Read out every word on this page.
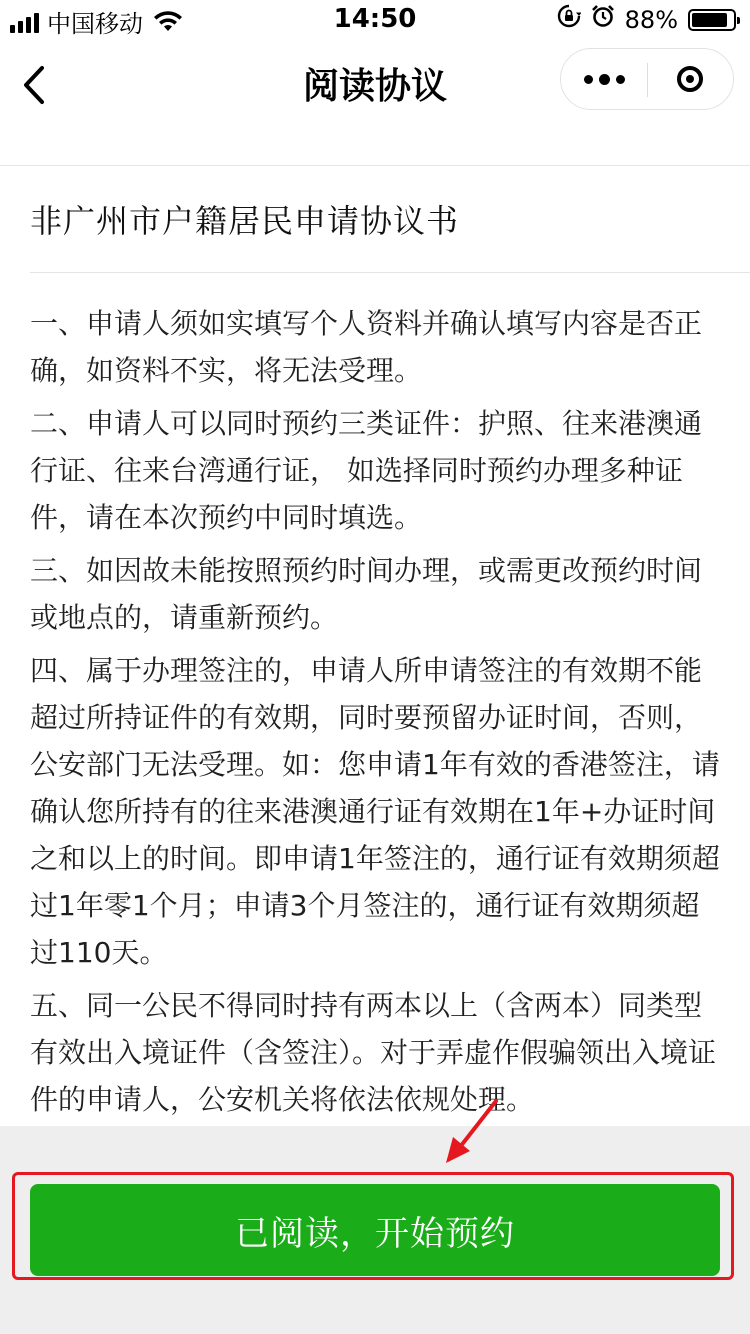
中国移动	14:50	88%
阅读协议
非广州市户籍居民申请协议书

一、申请人须如实填写个人资料并确认填写内容是否正确，如资料不实，将无法受理。

二、申请人可以同时预约三类证件：护照、往来港澳通行证、往来台湾通行证， 如选择同时预约办理多种证件，请在本次预约中同时填选。

三、如因故未能按照预约时间办理，或需更改预约时间或地点的，请重新预约。

四、属于办理签注的，申请人所申请签注的有效期不能超过所持证件的有效期，同时要预留办证时间，否则，公安部门无法受理。如：您申请1年有效的香港签注，请确认您所持有的往来港澳通行证有效期在1年+办证时间之和以上的时间。即申请1年签注的，通行证有效期须超过1年零1个月；申请3个月签注的，通行证有效期须超过110天。

五、同一公民不得同时持有两本以上（含两本）同类型有效出入境证件（含签注）。对于弄虚作假骗领出入境证件的申请人，公安机关将依法依规处理。

已阅读，开始预约
